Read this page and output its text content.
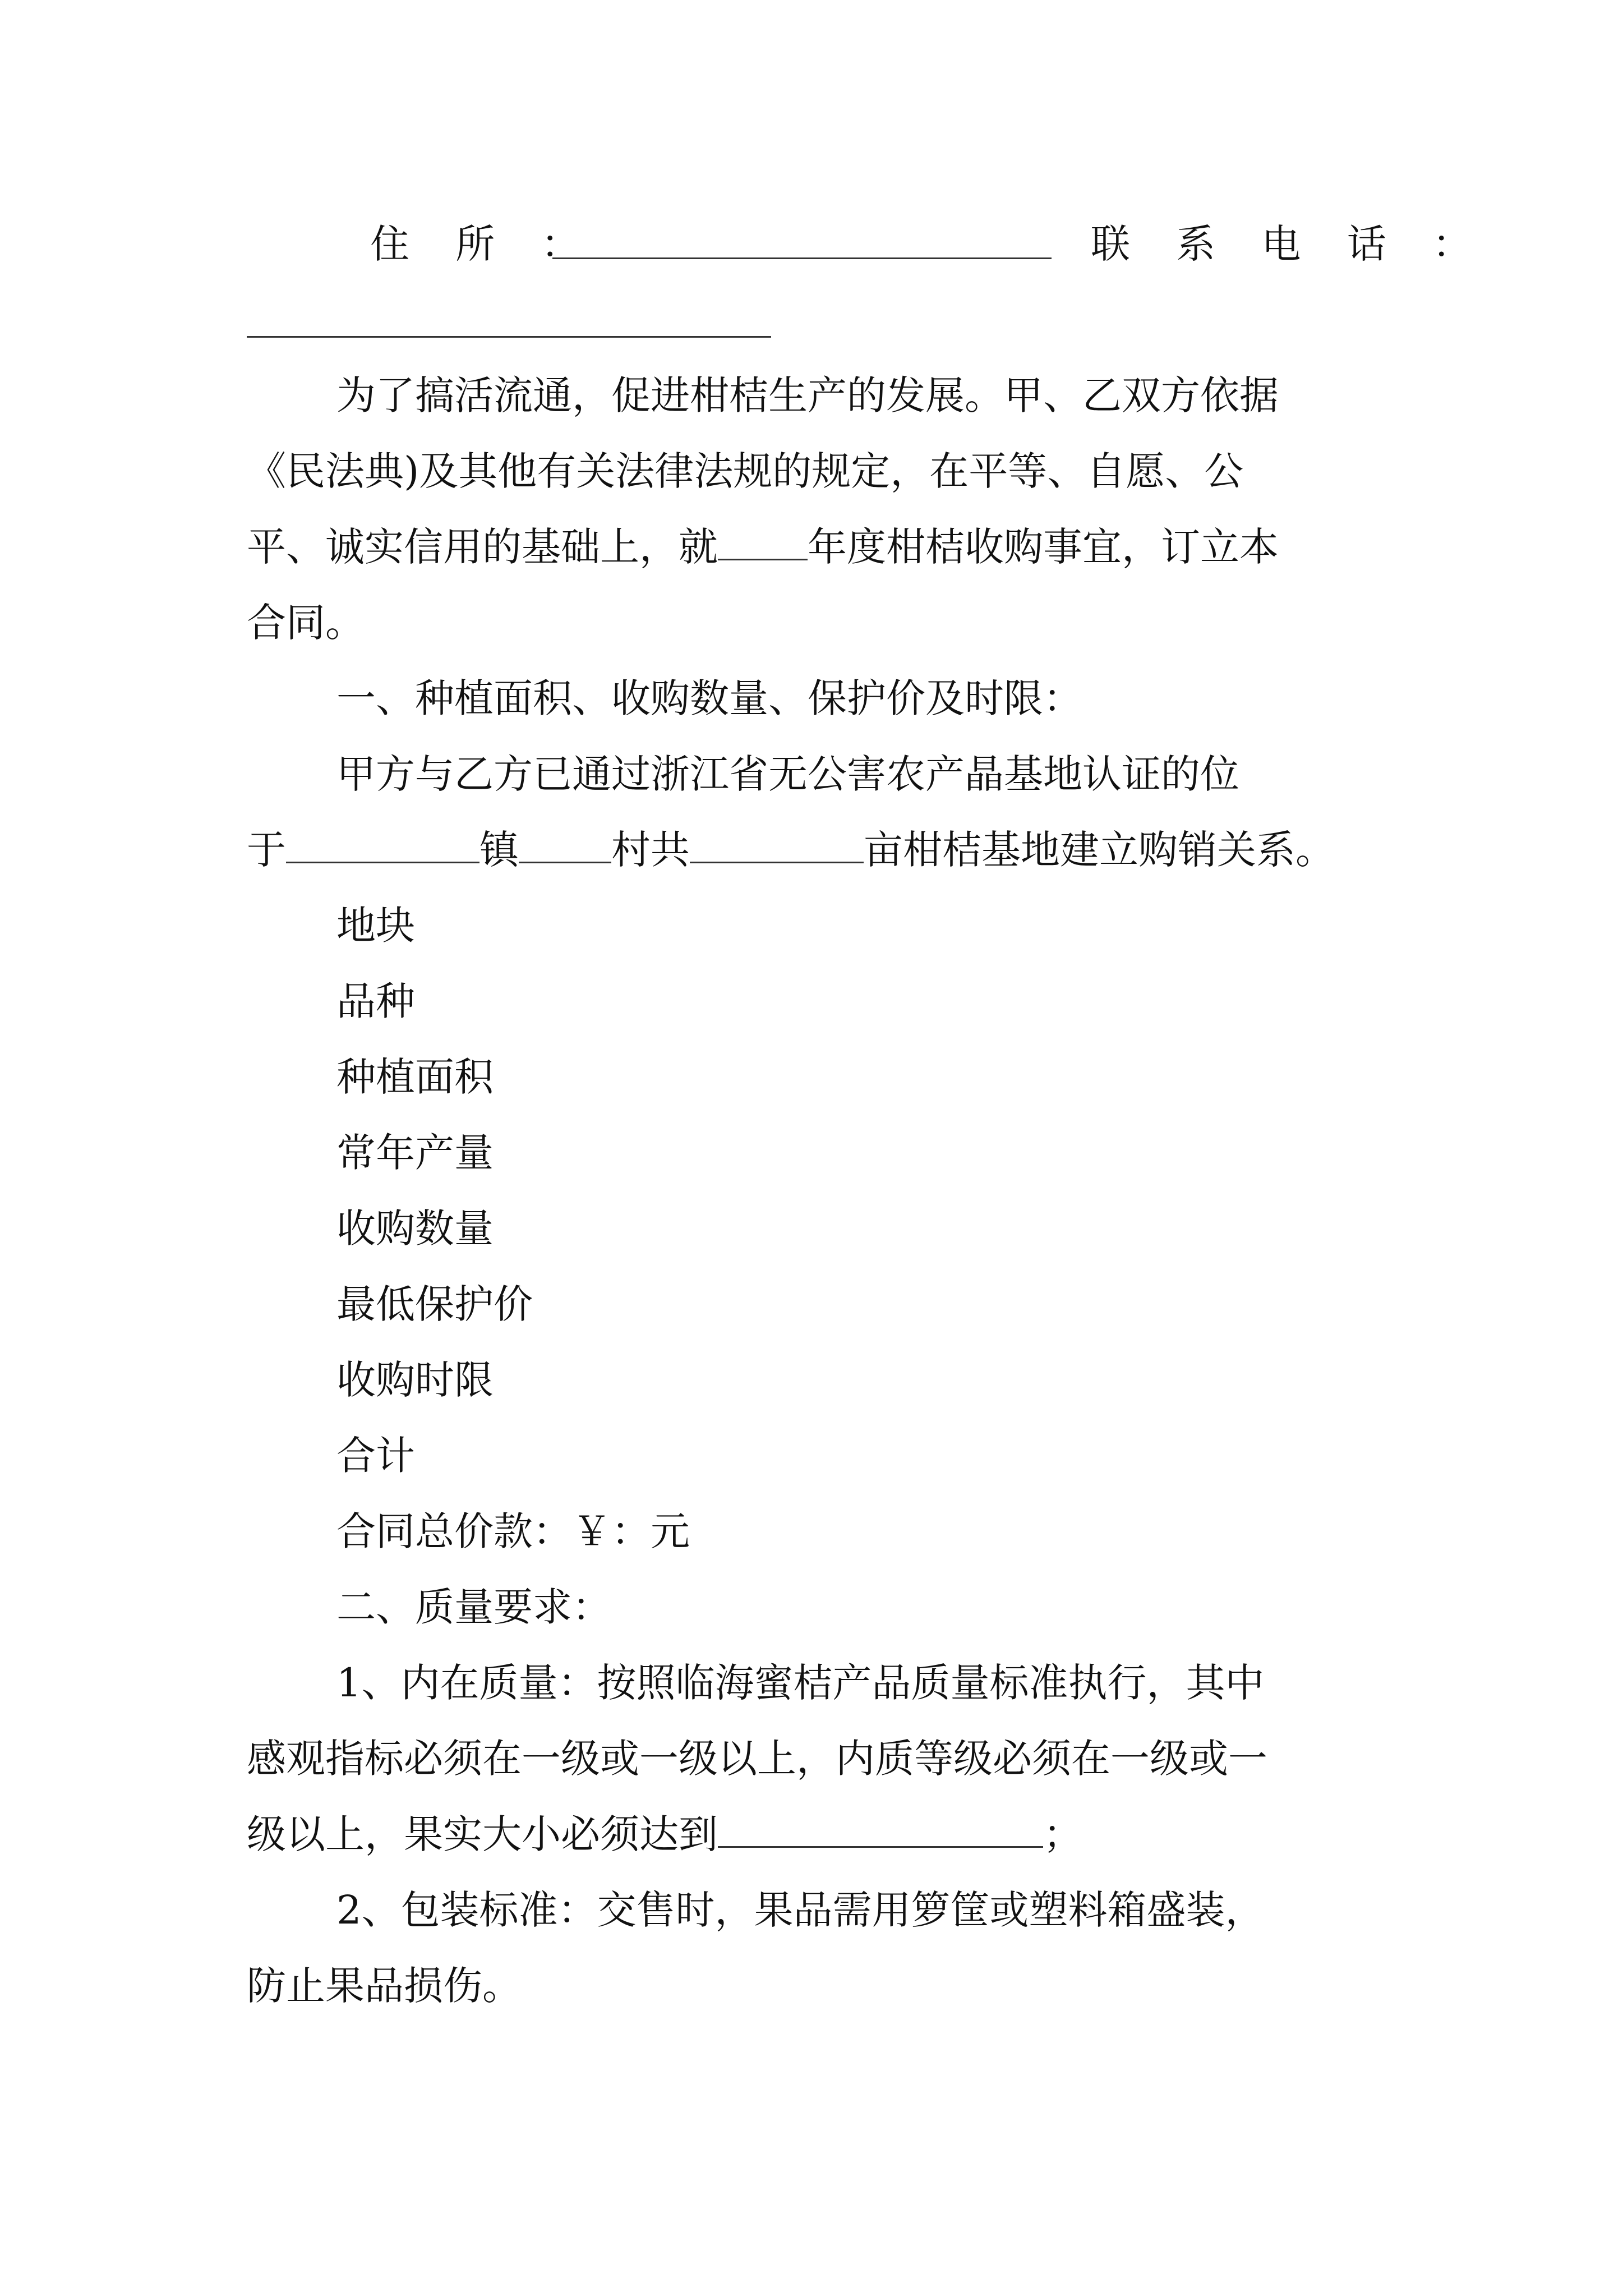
住 所 ：	联 系 电 话 ：
为了搞活流通，促进柑桔生产的发展。甲、乙双方依据
《民法典)及其他有关法律法规的规定，在平等、自愿、公
平、诚实信用的基础上，就 年度柑桔收购事宜，订立本
合同。
一、种植面积、收购数量、保护价及时限：
甲方与乙方已通过浙江省无公害农产晶基地认证的位
于	镇 村共	亩柑桔基地建立购销关系。
地块
品种
种植面积
常年产量
收购数量
最低保护价
收购时限
合计
合同总价款：￥：元
二、质量要求：
1、内在质量：按照临海蜜桔产品质量标准执行，其中
感观指标必须在一级或一级以上，内质等级必须在一级或一
级以上，果实大小必须达到	；
2、包装标准：交售时，果品需用箩筐或塑料箱盛装，
防止果品损伤。
